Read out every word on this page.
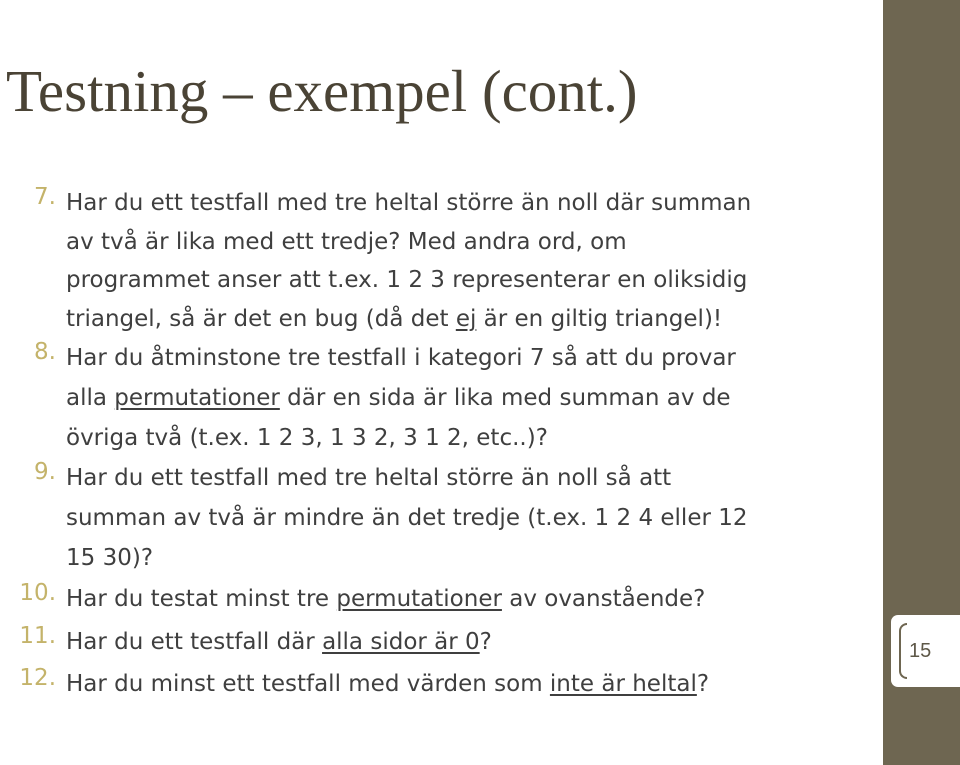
15
Testning – exempel (cont.)
7. Har du ett testfall med tre heltal större än noll där summan
av två är lika med ett tredje? Med andra ord, om
programmet anser att t.ex. 1 2 3 representerar en oliksidig
triangel, så är det en bug (då det ej är en giltig triangel)!
8. Har du åtminstone tre testfall i kategori 7 så att du provar
alla permutationer där en sida är lika med summan av de
övriga två (t.ex. 1 2 3, 1 3 2, 3 1 2, etc..)?
9. Har du ett testfall med tre heltal större än noll så att
summan av två är mindre än det tredje (t.ex. 1 2 4 eller 12
15 30)?
10. Har du testat minst tre permutationer av ovanstående?
11. Har du ett testfall där alla sidor är 0?
12. Har du minst ett testfall med värden som inte är heltal?
